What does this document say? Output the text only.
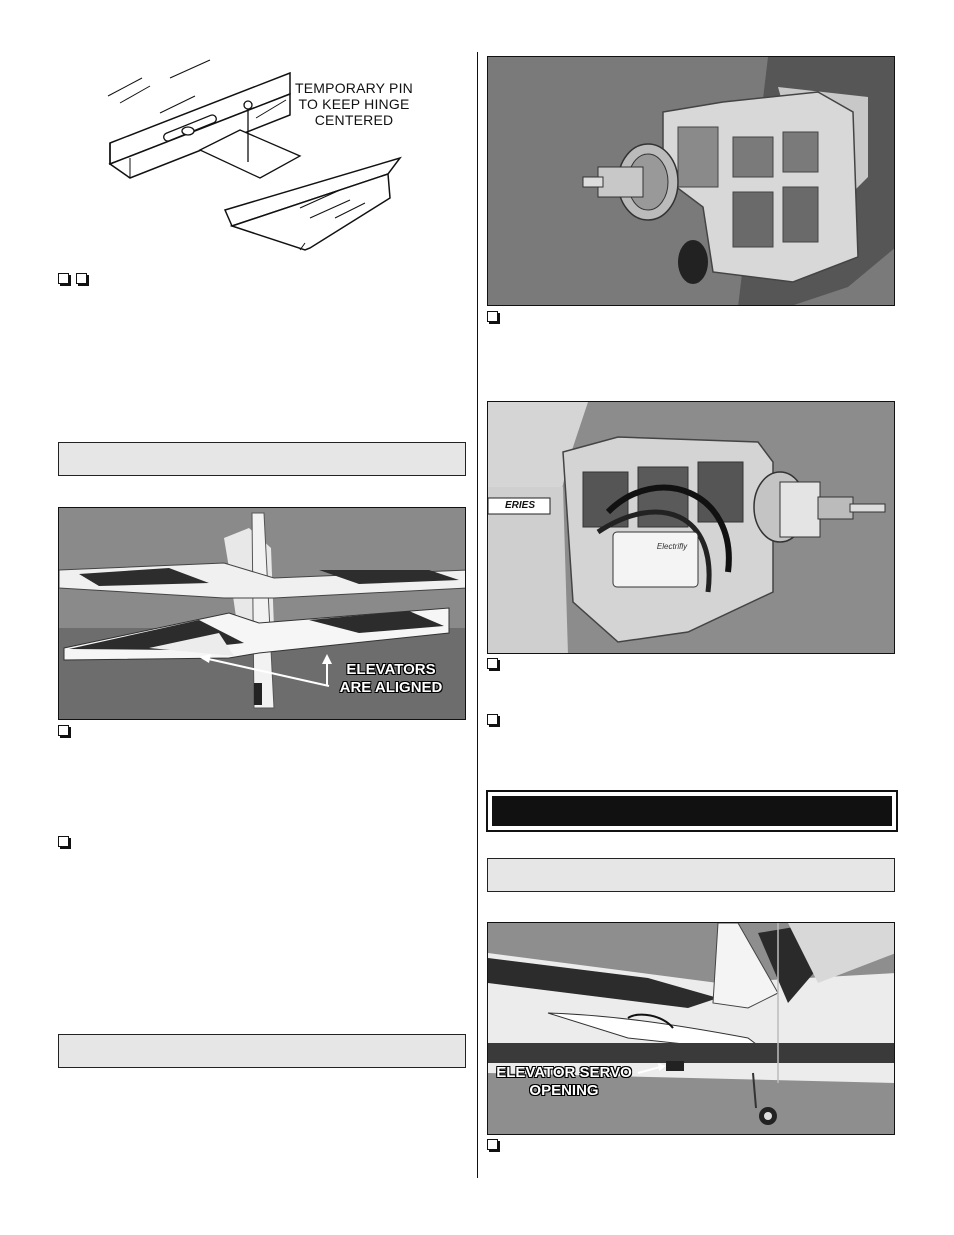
TEMPORARY PIN
TO KEEP HINGE
CENTERED
ELEVATORS
ARE ALIGNED
ERIES
Electrifly
ELEVATOR SERVO
OPENING
